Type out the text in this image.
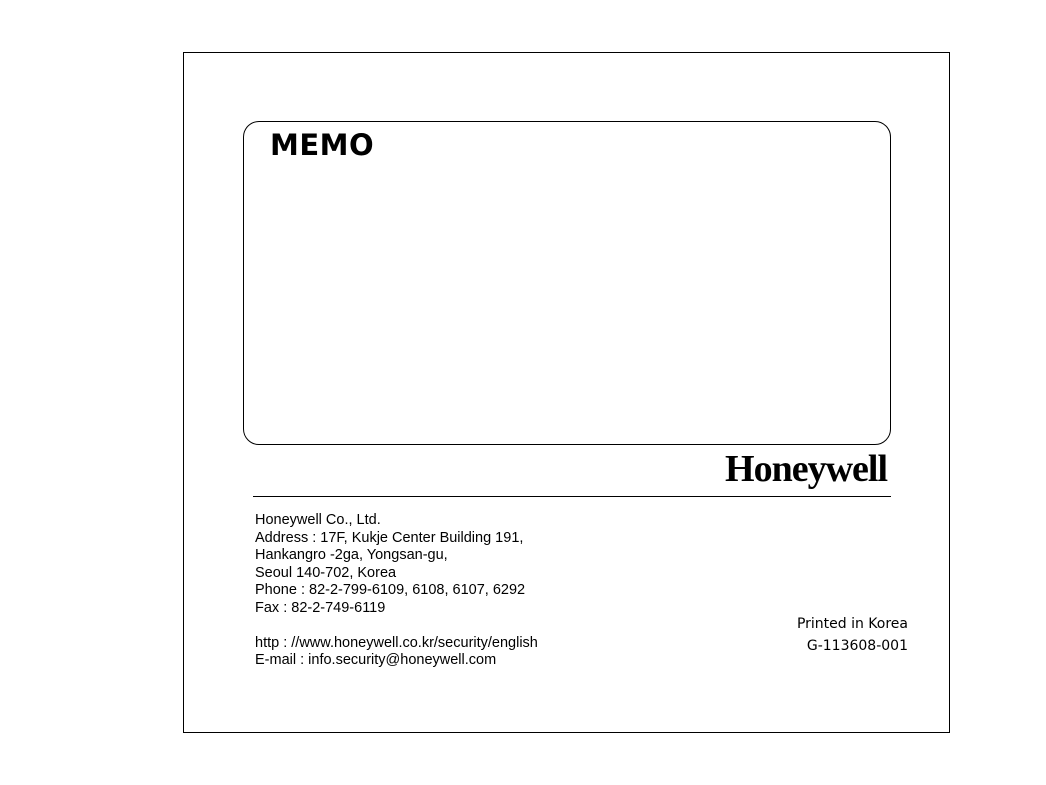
MEMO
Honeywell
Honeywell Co., Ltd.
Address : 17F, Kukje Center Building 191,
Hankangro -2ga, Yongsan-gu,
Seoul 140-702, Korea
Phone : 82-2-799-6109, 6108, 6107, 6292
Fax : 82-2-749-6119
http : //www.honeywell.co.kr/security/english
E-mail : info.security@honeywell.com
Printed in Korea
G-113608-001
